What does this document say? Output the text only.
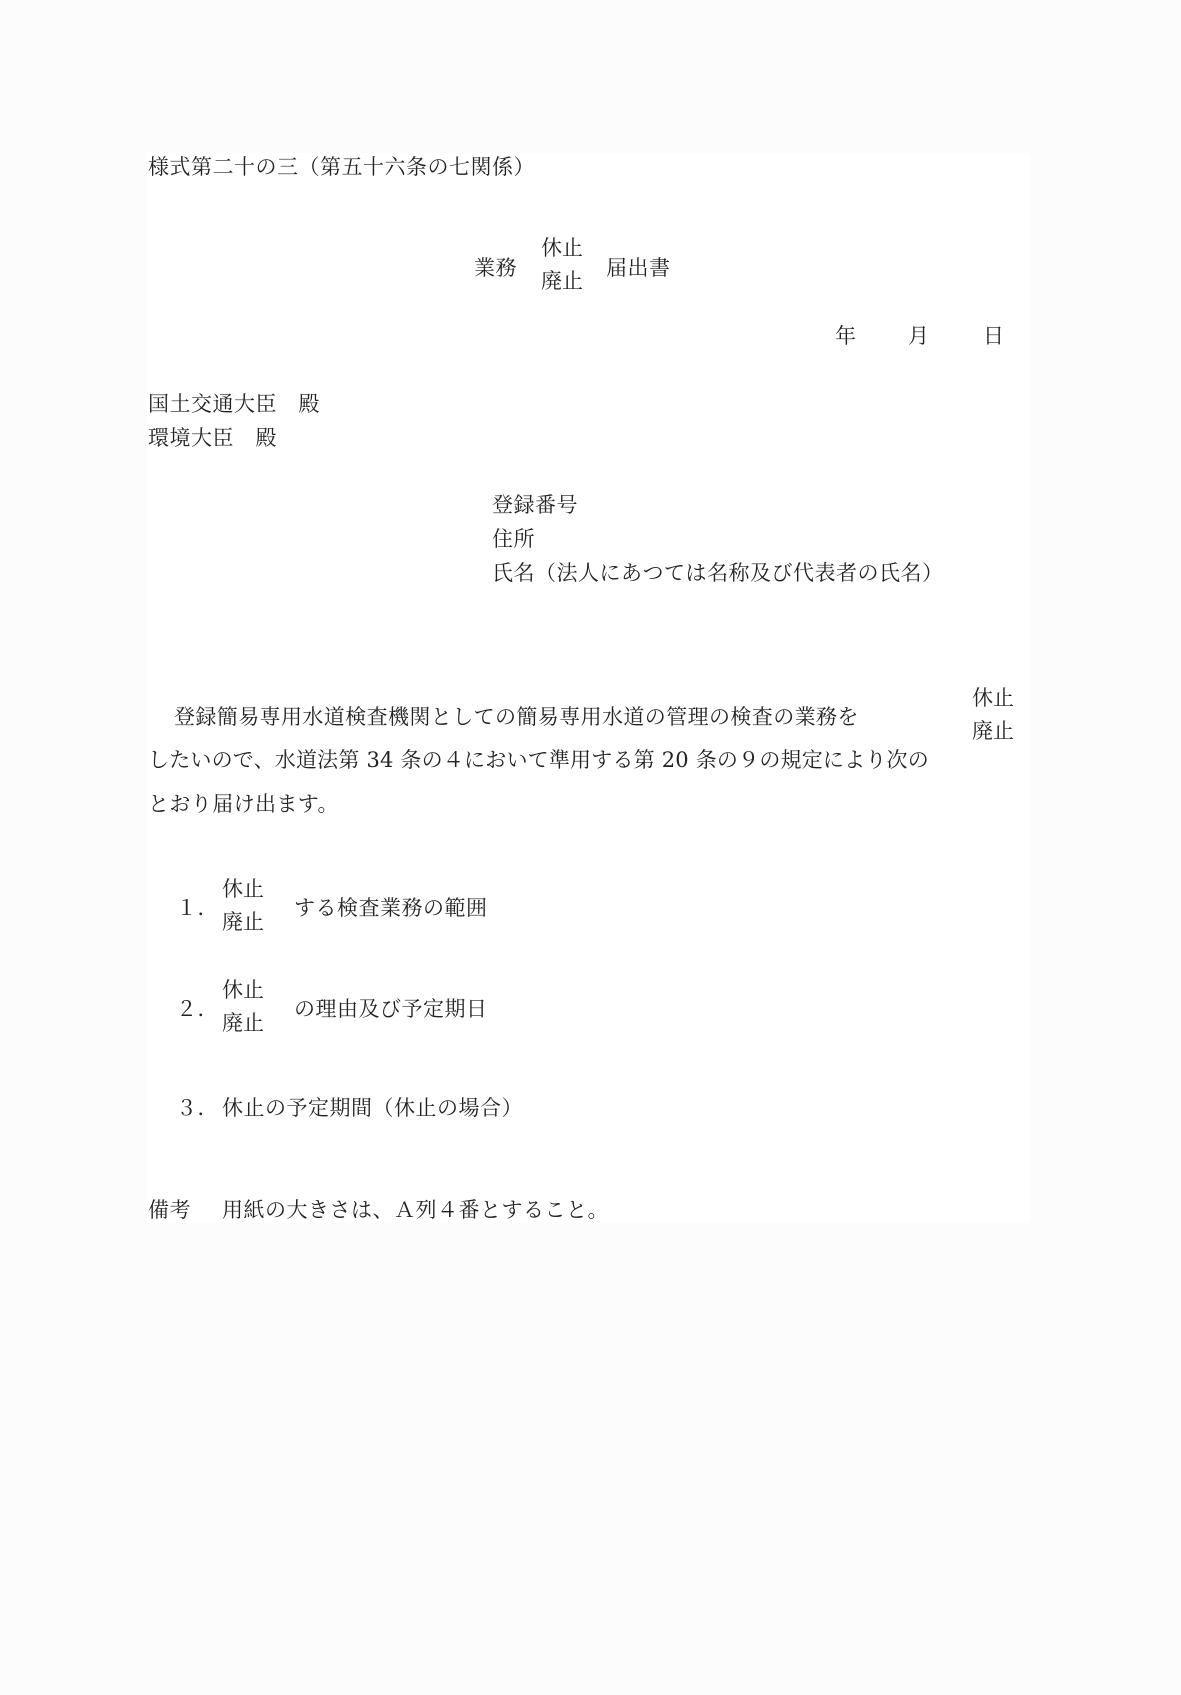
様式第二十の三（第五十六条の七関係）
業務
休止
廃止
届出書
年 月	日
国土交通大臣　殿
環境大臣　殿
登録番号
住所
氏名（法人にあつては名称及び代表者の氏名）
登録簡易専用水道検査機関としての簡易専用水道の管理の検査の業務を
休止
廃止
したいので、水道法第 34 条の４において準用する第 20 条の９の規定により次の
とおり届け出ます。
１．
休止
廃止
する検査業務の範囲
２．
休止
廃止
の理由及び予定期日
３． 休止の予定期間（休止の場合）
備考 用紙の大きさは、Ａ列４番とすること。
